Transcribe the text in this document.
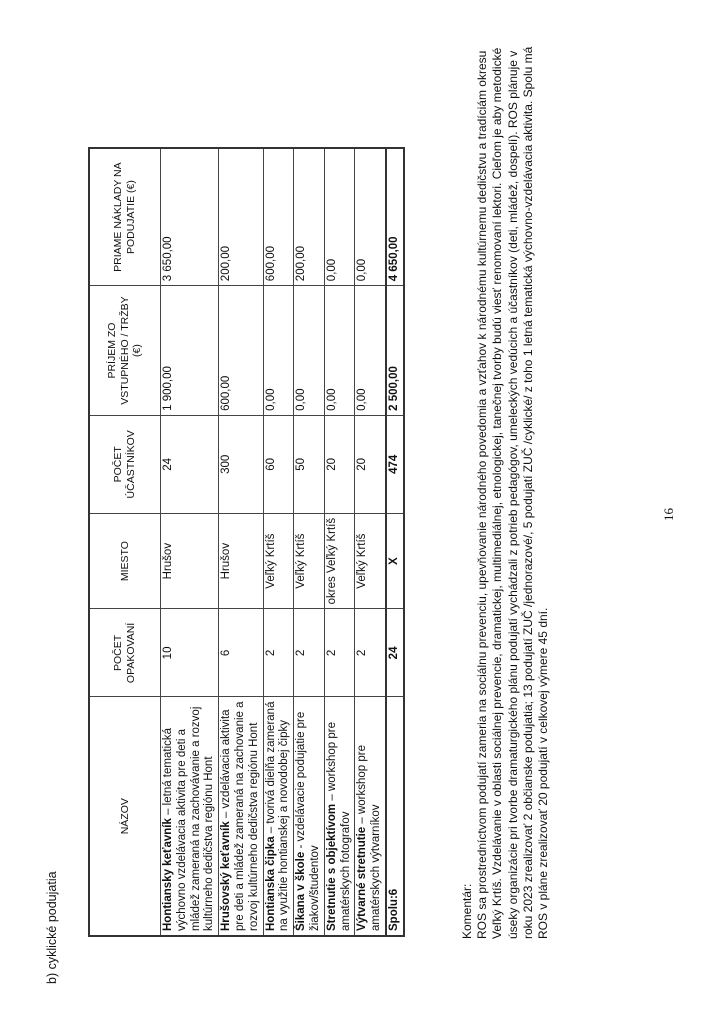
b) cyklické podujatia
NÁZOV	POČET OPAKOVANÍ	MIESTO	POČET ÚČASTNÍKOV	PRÍJEM ZO VSTUPNÉHO / TRŽBY (€)	PRIAME NÁKLADY NA PODUJATIE (€)
Hontiansky keťavník – letná tematická výchovno vzdelávacia aktivita pre deti a mládež zameraná na zachovávanie a rozvoj kultúrneho dedičstva regiónu Hont	10	Hrušov	24	1 900,00	3 650,00
Hrušovský keťavník – vzdelávacia aktivita pre deti a mládež zameraná na zachovanie a rozvoj kultúrneho dedičstva regiónu Hont	6	Hrušov	300	600,00	200,00
Hontianska čipka – tvorivá dielňa zameraná na využitie hontianskej a novodobej čipky	2	Veľký Krtíš	60	0,00	600,00
Šikana v škole - vzdelávacie podujatie pre žiakov/študentov	2	Veľký Krtíš	50	0,00	200,00
Stretnutie s objektívom – workshop pre amatérskych fotografov	2	okres Veľký Krtíš	20	0,00	0,00
Výtvarné stretnutie – workshop pre amatérskych výtvarníkov	2	Veľký Krtíš	20	0,00	0,00
Spolu:6	24	X	474	2 500,00	4 650,00
Komentár: ROS sa prostredníctvom podujatí zameria na sociálnu prevenciu, upevňovanie národného povedomia a vzťahov k národnému kultúrnemu dedičstvu a tradíciám okresu Veľký Krtíš. Vzdelávanie v oblasti sociálnej prevencie, dramatickej, multimediálnej, etnologickej, tanečnej tvorby budú viesť renomovaní lektori. Cieľom je aby metodické úseky organizácie pri tvorbe dramaturgického plánu podujatí vychádzali z potrieb pedagógov, umeleckých vedúcich a účastníkov (deti, mládež, dospelí). ROS plánuje v roku 2023 zrealizovať 2 občianske podujatia; 13 podujatí ZUČ /jednorazové/, 5 podujatí ZUČ /cyklické/ z toho 1 letná tematická výchovno-vzdelávacia aktivita. Spolu má ROS v pláne zrealizovať 20 podujatí v celkovej výmere 45 dní.
16
